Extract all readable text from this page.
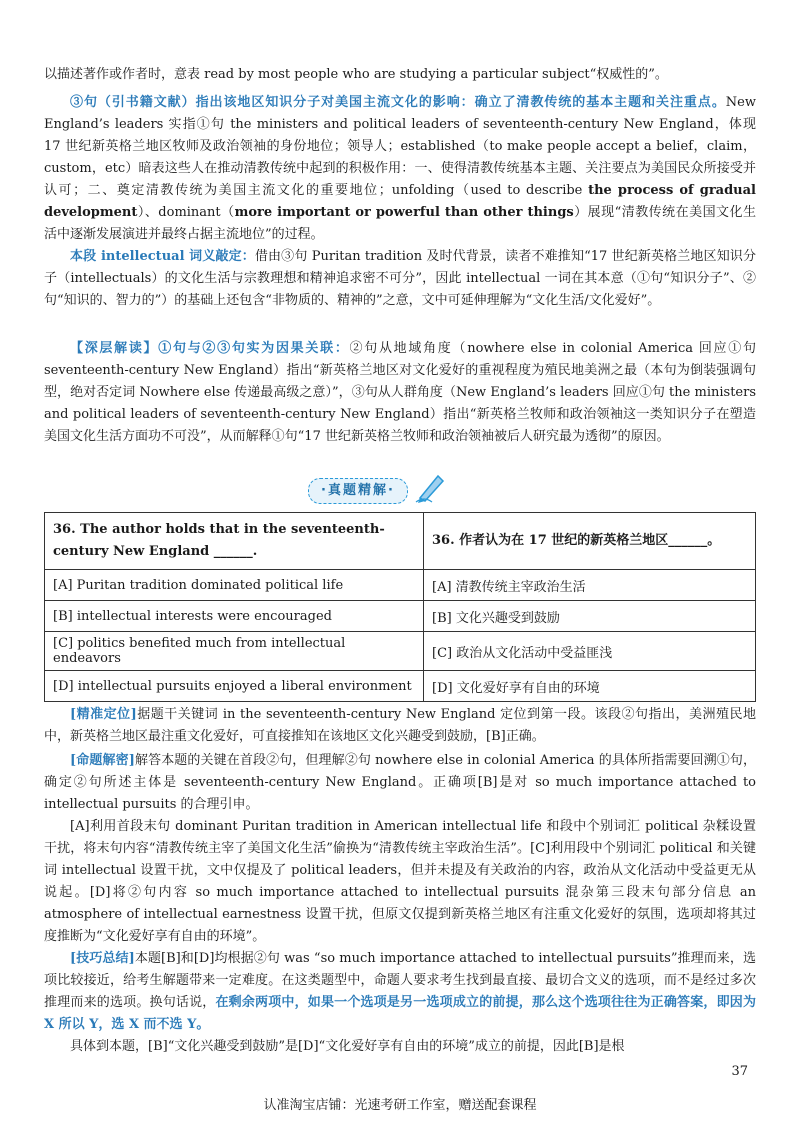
以描述著作或作者时，意表 read by most people who are studying a particular subject“权威性的”。

③句（引书籍文献）指出该地区知识分子对美国主流文化的影响：确立了清教传统的基本主题和关注重点。New England’s leaders 实指①句 the ministers and political leaders of seventeenth-century New England，体现 17 世纪新英格兰地区牧师及政治领袖的身份地位；领导人；established（to make people accept a belief，claim，custom，etc）暗表这些人在推动清教传统中起到的积极作用：一、使得清教传统基本主题、关注要点为美国民众所接受并认可；二、奠定清教传统为美国主流文化的重要地位；unfolding（used to describe the process of gradual development）、dominant（more important or powerful than other things）展现“清教传统在美国文化生活中逐渐发展演进并最终占据主流地位”的过程。

本段 intellectual 词义敲定：借由③句 Puritan tradition 及时代背景，读者不难推知“17 世纪新英格兰地区知识分子（intellectuals）的文化生活与宗教理想和精神追求密不可分”，因此 intellectual 一词在其本意（①句“知识分子”、②句“知识的、智力的”）的基础上还包含“非物质的、精神的”之意，文中可延伸理解为“文化生活/文化爱好”。

【深层解读】①句与②③句实为因果关联：②句从地域角度（nowhere else in colonial America 回应①句 seventeenth-century New England）指出“新英格兰地区对文化爱好的重视程度为殖民地美洲之最（本句为倒装强调句型，绝对否定词 Nowhere else 传递最高级之意）”，③句从人群角度（New England’s leaders 回应①句 the ministers and political leaders of seventeenth-century New England）指出“新英格兰牧师和政治领袖这一类知识分子在塑造美国文化生活方面功不可没”，从而解释①句“17 世纪新英格兰牧师和政治领袖被后人研究最为透彻”的原因。

·真题精解·
36. The author holds that in the seventeenth-century New England ______.	36. 作者认为在 17 世纪的新英格兰地区______。
[A] Puritan tradition dominated political life	[A] 清教传统主宰政治生活
[B] intellectual interests were encouraged	[B] 文化兴趣受到鼓励
[C] politics benefited much from intellectual endeavors	[C] 政治从文化活动中受益匪浅
[D] intellectual pursuits enjoyed a liberal environment	[D] 文化爱好享有自由的环境

[精准定位]据题干关键词 in the seventeenth-century New England 定位到第一段。该段②句指出，美洲殖民地中，新英格兰地区最注重文化爱好，可直接推知在该地区文化兴趣受到鼓励，[B]正确。

[命题解密]解答本题的关键在首段②句，但理解②句 nowhere else in colonial America 的具体所指需要回溯①句，确定②句所述主体是 seventeenth-century New England。正确项[B]是对 so much importance attached to intellectual pursuits 的合理引申。

[A]利用首段末句 dominant Puritan tradition in American intellectual life 和段中个别词汇 political 杂糅设置干扰，将末句内容“清教传统主宰了美国文化生活”偷换为“清教传统主宰政治生活”。[C]利用段中个别词汇 political 和关键词 intellectual 设置干扰，文中仅提及了 political leaders，但并未提及有关政治的内容，政治从文化活动中受益更无从说起。[D]将②句内容 so much importance attached to intellectual pursuits 混杂第三段末句部分信息 an atmosphere of intellectual earnestness 设置干扰，但原文仅提到新英格兰地区有注重文化爱好的氛围，选项却将其过度推断为“文化爱好享有自由的环境”。

[技巧总结]本题[B]和[D]均根据②句 was “so much importance attached to intellectual pursuits”推理而来，选项比较接近，给考生解题带来一定难度。在这类题型中，命题人要求考生找到最直接、最切合文义的选项，而不是经过多次推理而来的选项。换句话说，在剩余两项中，如果一个选项是另一选项成立的前提，那么这个选项往往为正确答案，即因为 X 所以 Y，选 X 而不选 Y。

具体到本题，[B]“文化兴趣受到鼓励”是[D]“文化爱好享有自由的环境”成立的前提，因此[B]是根

37
认准淘宝店铺：光速考研工作室，赠送配套课程
